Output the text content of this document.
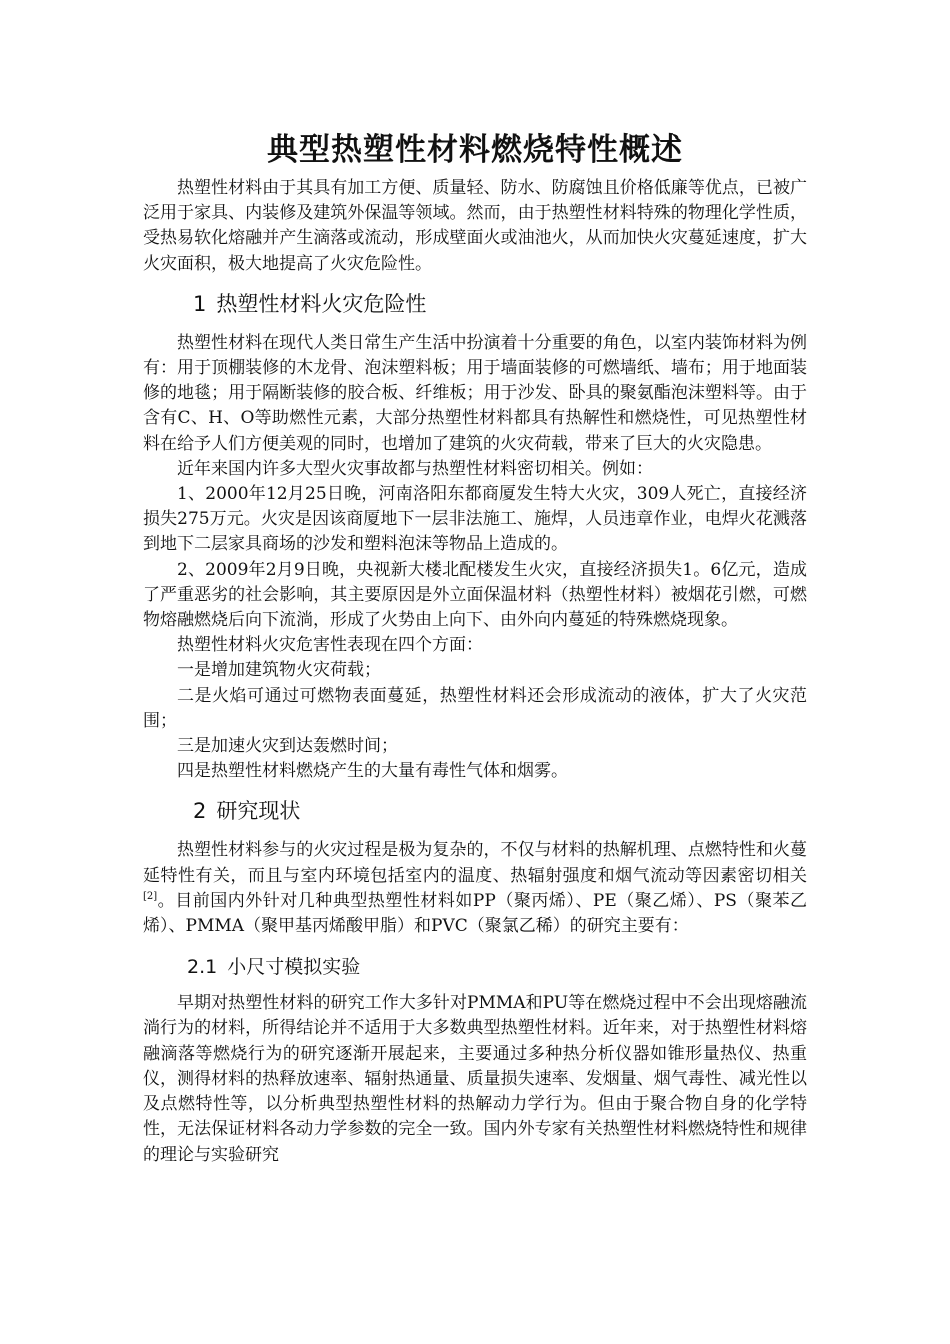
典型热塑性材料燃烧特性概述

热塑性材料由于其具有加工方便、质量轻、防水、防腐蚀且价格低廉等优点，已被广泛用于家具、内装修及建筑外保温等领域。然而，由于热塑性材料特殊的物理化学性质，受热易软化熔融并产生滴落或流动，形成壁面火或油池火，从而加快火灾蔓延速度，扩大火灾面积，极大地提高了火灾危险性。

1 热塑性材料火灾危险性

热塑性材料在现代人类日常生产生活中扮演着十分重要的角色，以室内装饰材料为例有：用于顶棚装修的木龙骨、泡沫塑料板；用于墙面装修的可燃墙纸、墙布；用于地面装修的地毯；用于隔断装修的胶合板、纤维板；用于沙发、卧具的聚氨酯泡沫塑料等。由于含有C、H、O等助燃性元素，大部分热塑性材料都具有热解性和燃烧性，可见热塑性材料在给予人们方便美观的同时，也增加了建筑的火灾荷载，带来了巨大的火灾隐患。

近年来国内许多大型火灾事故都与热塑性材料密切相关。例如：

1、2000年12月25日晚，河南洛阳东都商厦发生特大火灾，309人死亡，直接经济损失275万元。火灾是因该商厦地下一层非法施工、施焊，人员违章作业，电焊火花溅落到地下二层家具商场的沙发和塑料泡沫等物品上造成的。

2、2009年2月9日晚，央视新大楼北配楼发生火灾，直接经济损失1。6亿元，造成了严重恶劣的社会影响，其主要原因是外立面保温材料（热塑性材料）被烟花引燃，可燃物熔融燃烧后向下流淌，形成了火势由上向下、由外向内蔓延的特殊燃烧现象。

热塑性材料火灾危害性表现在四个方面：

一是增加建筑物火灾荷载；

二是火焰可通过可燃物表面蔓延，热塑性材料还会形成流动的液体，扩大了火灾范围；

三是加速火灾到达轰燃时间；

四是热塑性材料燃烧产生的大量有毒性气体和烟雾。

2 研究现状

热塑性材料参与的火灾过程是极为复杂的，不仅与材料的热解机理、点燃特性和火蔓延特性有关，而且与室内环境包括室内的温度、热辐射强度和烟气流动等因素密切相关[2]。目前国内外针对几种典型热塑性材料如PP（聚丙烯）、PE（聚乙烯）、PS（聚苯乙烯）、PMMA（聚甲基丙烯酸甲脂）和PVC（聚氯乙稀）的研究主要有：

2.1 小尺寸模拟实验

早期对热塑性材料的研究工作大多针对PMMA和PU等在燃烧过程中不会出现熔融流淌行为的材料，所得结论并不适用于大多数典型热塑性材料。近年来，对于热塑性材料熔融滴落等燃烧行为的研究逐渐开展起来，主要通过多种热分析仪器如锥形量热仪、热重仪，测得材料的热释放速率、辐射热通量、质量损失速率、发烟量、烟气毒性、减光性以及点燃特性等，以分析典型热塑性材料的热解动力学行为。但由于聚合物自身的化学特性，无法保证材料各动力学参数的完全一致。国内外专家有关热塑性材料燃烧特性和规律的理论与实验研究
